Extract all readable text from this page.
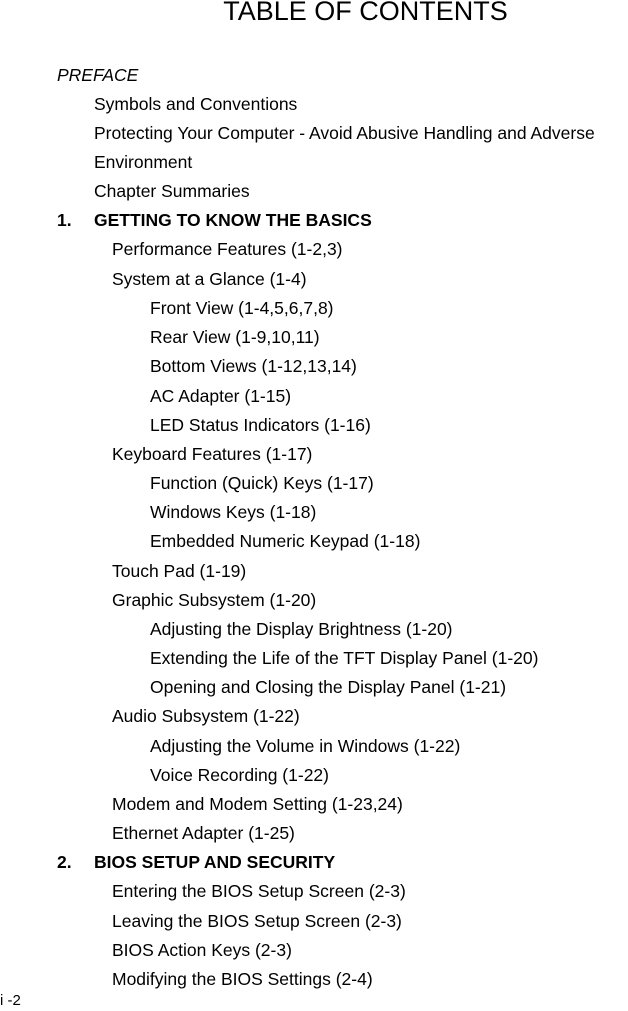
TABLE OF CONTENTS
PREFACE
Symbols and Conventions
Protecting Your Computer - Avoid Abusive Handling and Adverse
Environment
Chapter Summaries
1. GETTING TO KNOW THE BASICS
Performance Features (1-2,3)
System at a Glance (1-4)
Front View (1-4,5,6,7,8)
Rear View (1-9,10,11)
Bottom Views (1-12,13,14)
AC Adapter (1-15)
LED Status Indicators (1-16)
Keyboard Features (1-17)
Function (Quick) Keys (1-17)
Windows Keys (1-18)
Embedded Numeric Keypad (1-18)
Touch Pad (1-19)
Graphic Subsystem (1-20)
Adjusting the Display Brightness (1-20)
Extending the Life of the TFT Display Panel (1-20)
Opening and Closing the Display Panel (1-21)
Audio Subsystem (1-22)
Adjusting the Volume in Windows (1-22)
Voice Recording (1-22)
Modem and Modem Setting (1-23,24)
Ethernet Adapter (1-25)
2. BIOS SETUP AND SECURITY
Entering the BIOS Setup Screen (2-3)
Leaving the BIOS Setup Screen (2-3)
BIOS Action Keys (2-3)
Modifying the BIOS Settings (2-4)
i -2
